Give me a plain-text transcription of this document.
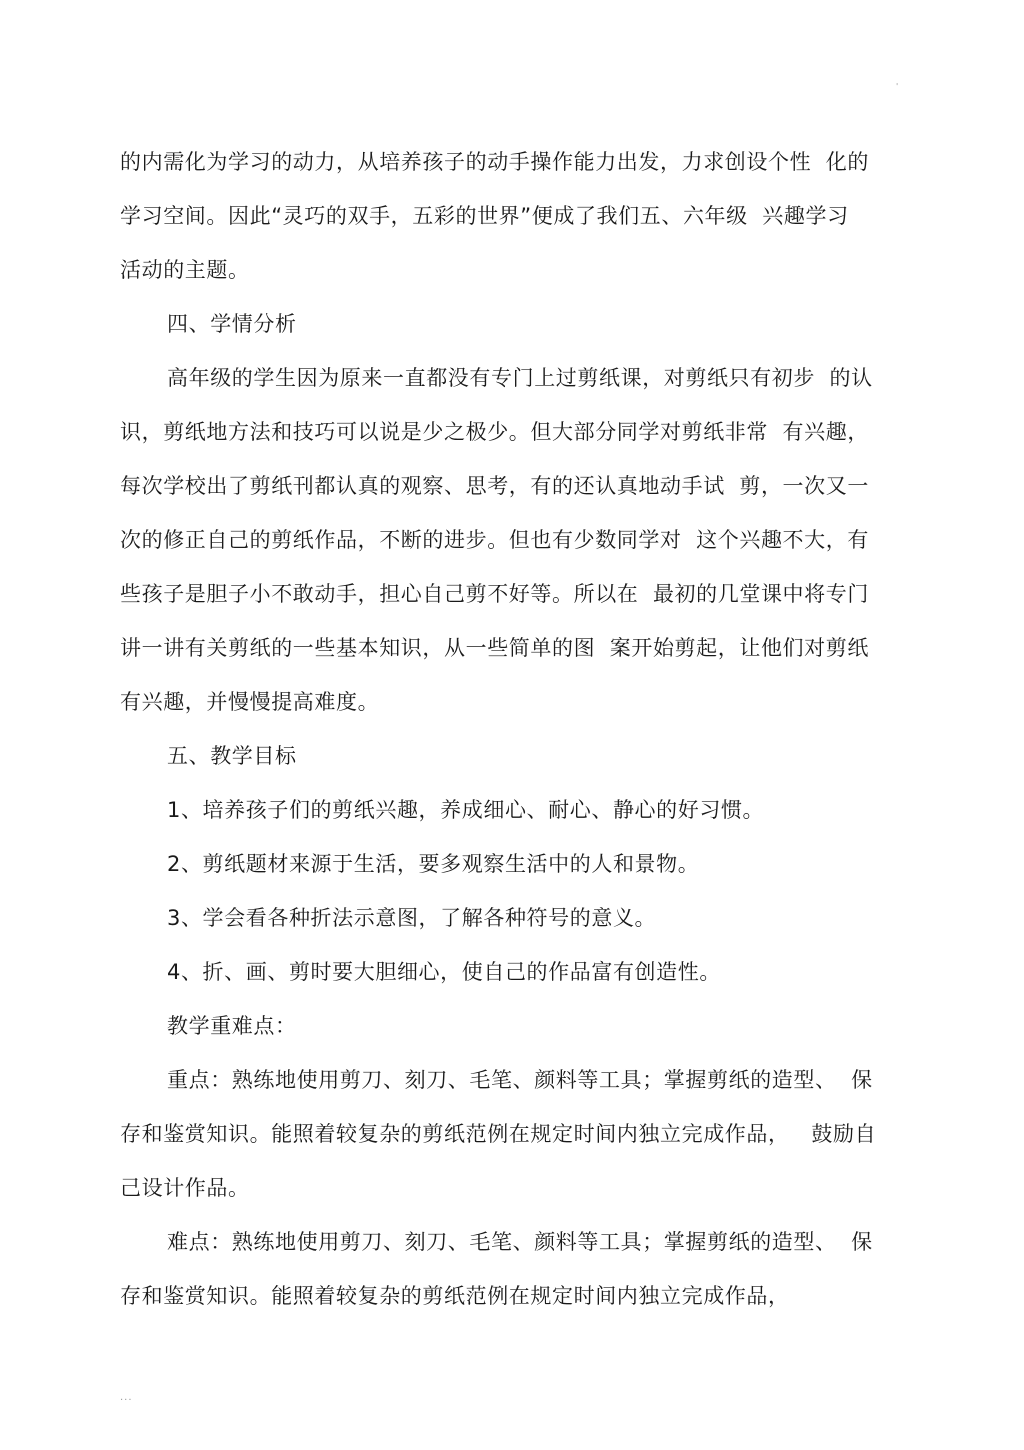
'
的内需化为学习的动力，从培养孩子的动手操作能力出发，力求创设个性  化的
学习空间。因此“灵巧的双手，五彩的世界”便成了我们五、六年级  兴趣学习
活动的主题。
四、学情分析
高年级的学生因为原来一直都没有专门上过剪纸课，对剪纸只有初步  的认
识，剪纸地方法和技巧可以说是少之极少。但大部分同学对剪纸非常  有兴趣，
每次学校出了剪纸刊都认真的观察、思考，有的还认真地动手试  剪，一次又一
次的修正自己的剪纸作品，不断的进步。但也有少数同学对  这个兴趣不大，有
些孩子是胆子小不敢动手，担心自己剪不好等。所以在  最初的几堂课中将专门
讲一讲有关剪纸的一些基本知识，从一些简单的图  案开始剪起，让他们对剪纸
有兴趣，并慢慢提高难度。
五、教学目标
1、培养孩子们的剪纸兴趣，养成细心、耐心、静心的好习惯。
2、剪纸题材来源于生活，要多观察生活中的人和景物。
3、学会看各种折法示意图，了解各种符号的意义。
4、折、画、剪时要大胆细心，使自己的作品富有创造性。
教学重难点：
重点：熟练地使用剪刀、刻刀、毛笔、颜料等工具；掌握剪纸的造型、  保
存和鉴赏知识。能照着较复杂的剪纸范例在规定时间内独立完成作品，   鼓励自
己设计作品。
难点：熟练地使用剪刀、刻刀、毛笔、颜料等工具；掌握剪纸的造型、  保
存和鉴赏知识。能照着较复杂的剪纸范例在规定时间内独立完成作品，
...
